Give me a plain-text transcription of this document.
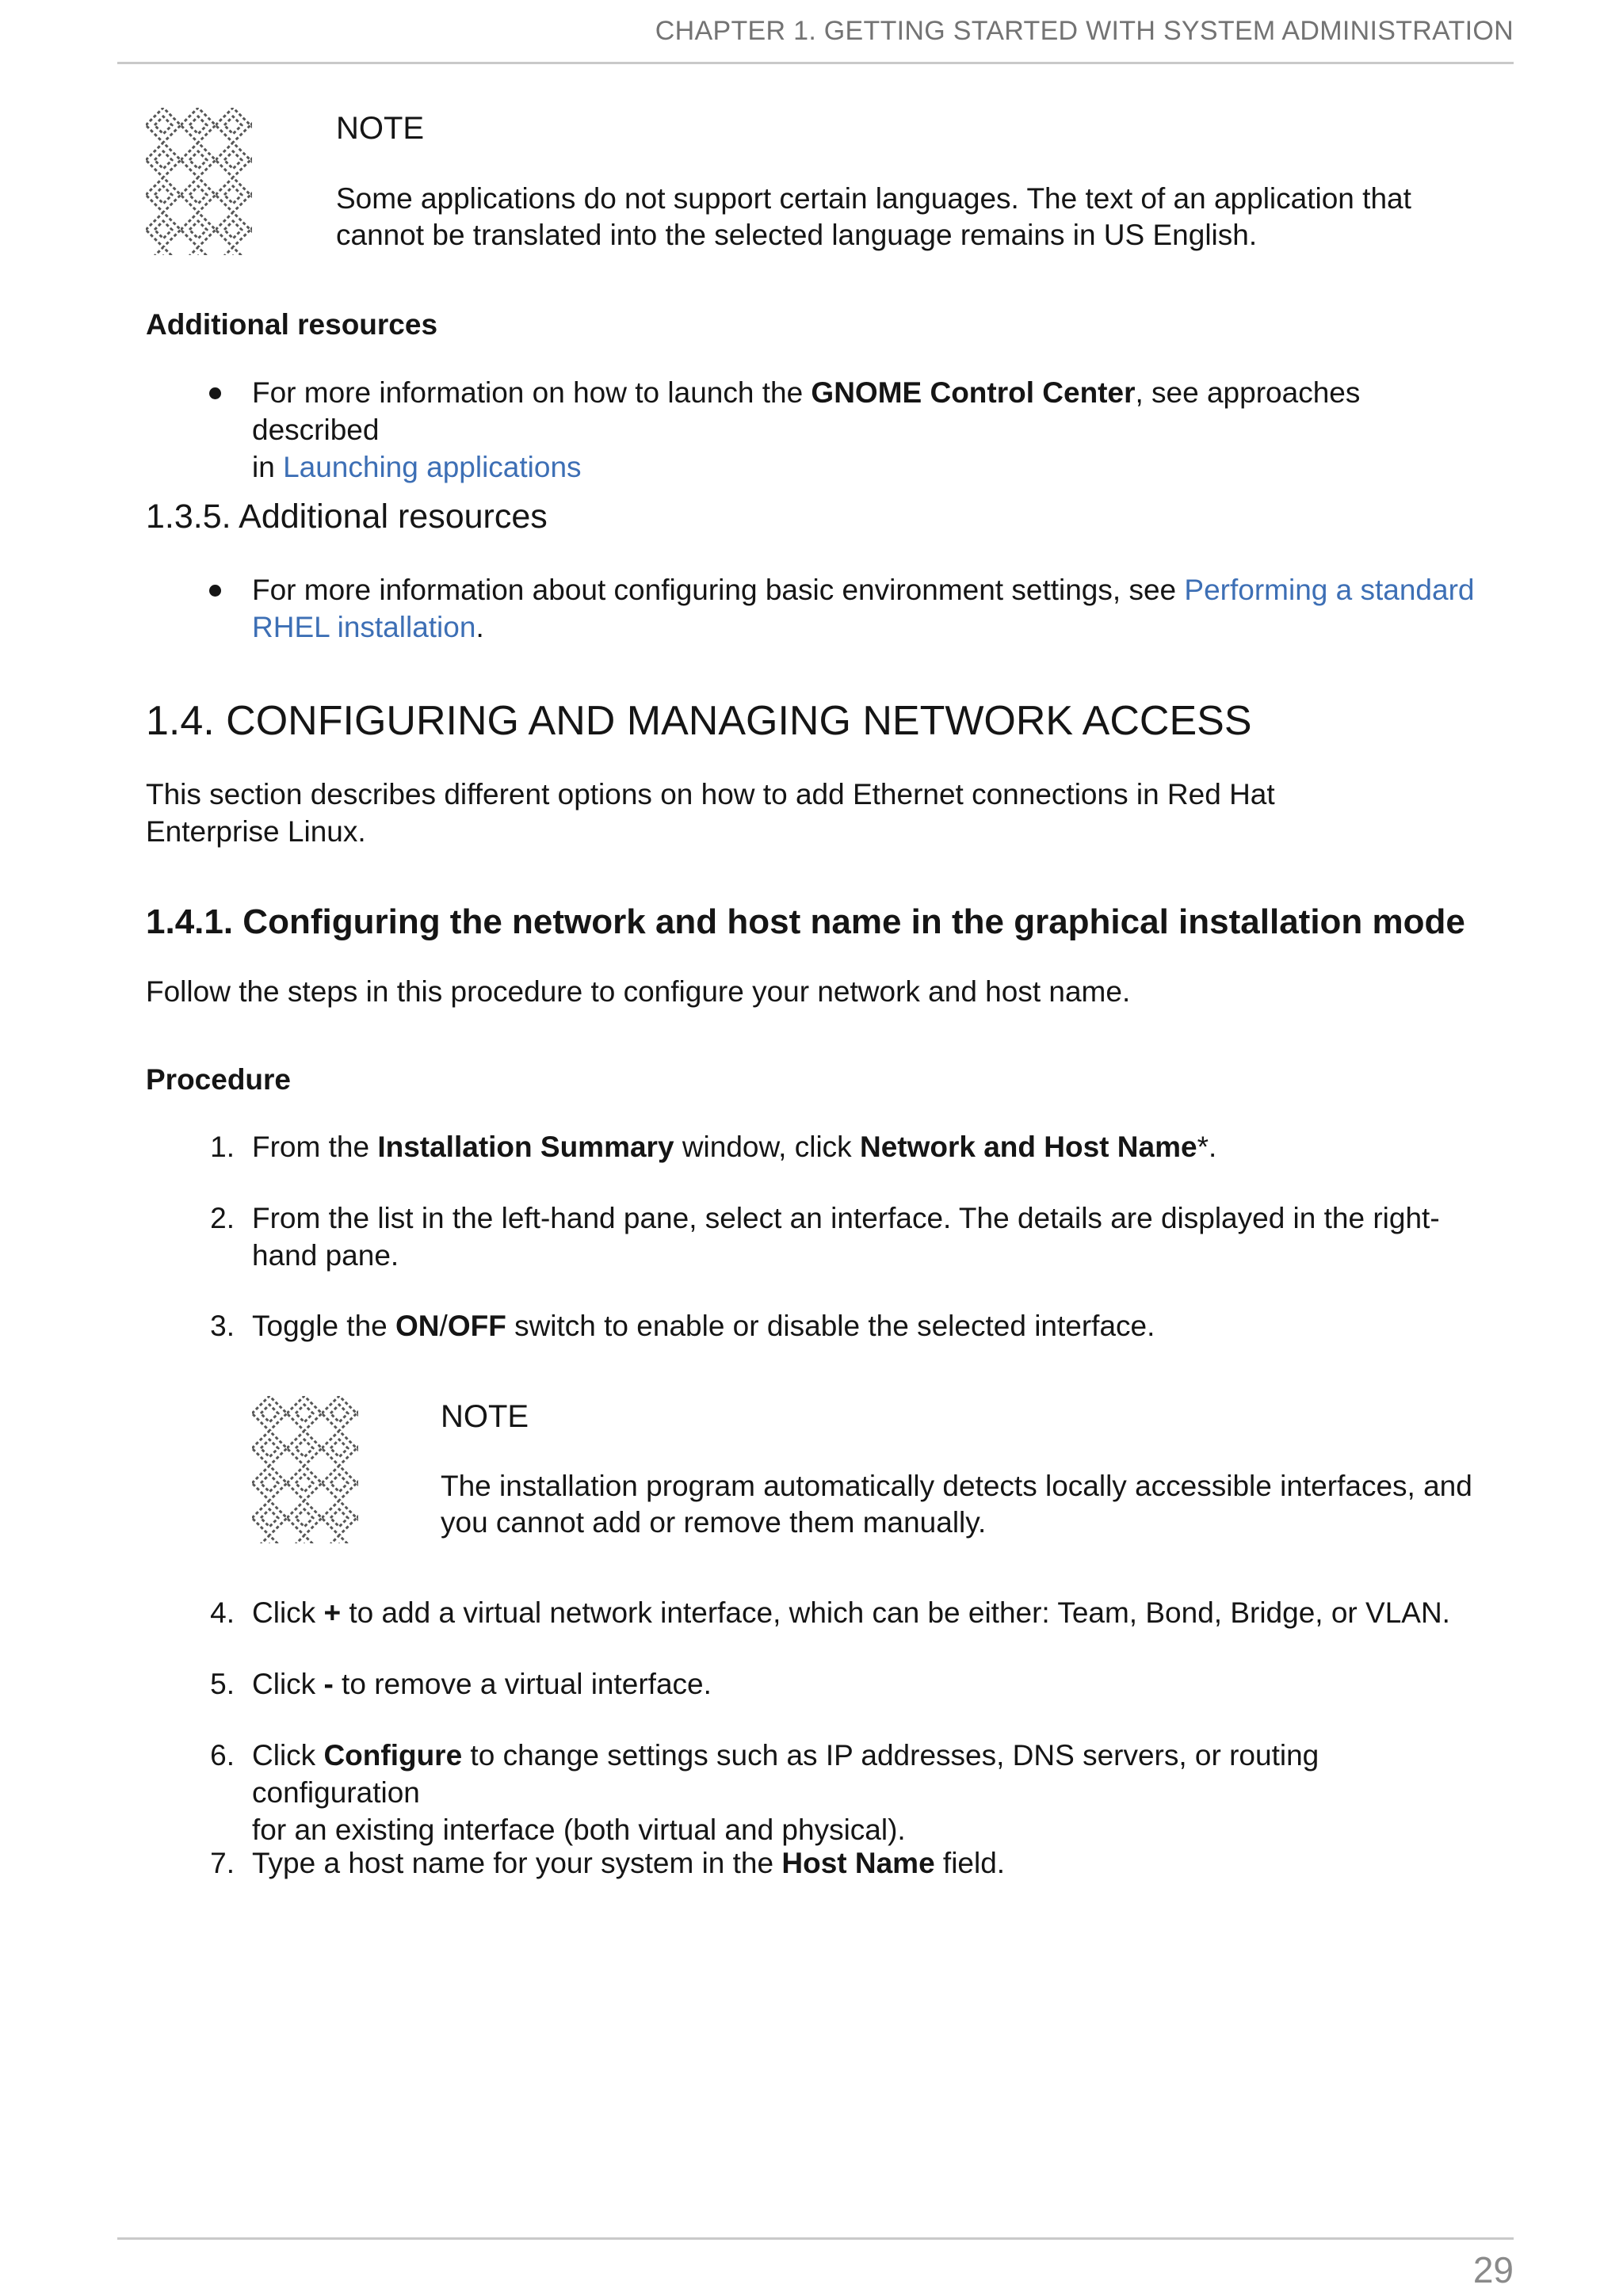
CHAPTER 1. GETTING STARTED WITH SYSTEM ADMINISTRATION
NOTE
Some applications do not support certain languages. The text of an application that
cannot be translated into the selected language remains in US English.
Additional resources
For more information on how to launch the GNOME Control Center, see approaches described
in Launching applications
1.3.5. Additional resources
For more information about configuring basic environment settings, see Performing a standard
RHEL installation.
1.4. CONFIGURING AND MANAGING NETWORK ACCESS
This section describes different options on how to add Ethernet connections in Red Hat
Enterprise Linux.
1.4.1. Configuring the network and host name in the graphical installation mode
Follow the steps in this procedure to configure your network and host name.
Procedure
1. From the Installation Summary window, click Network and Host Name*.
2. From the list in the left-hand pane, select an interface. The details are displayed in the right-
hand pane.
3. Toggle the ON/OFF switch to enable or disable the selected interface.
NOTE
The installation program automatically detects locally accessible interfaces, and
you cannot add or remove them manually.
4. Click + to add a virtual network interface, which can be either: Team, Bond, Bridge, or VLAN.
5. Click - to remove a virtual interface.
6. Click Configure to change settings such as IP addresses, DNS servers, or routing configuration
for an existing interface (both virtual and physical).
7. Type a host name for your system in the Host Name field.
29
